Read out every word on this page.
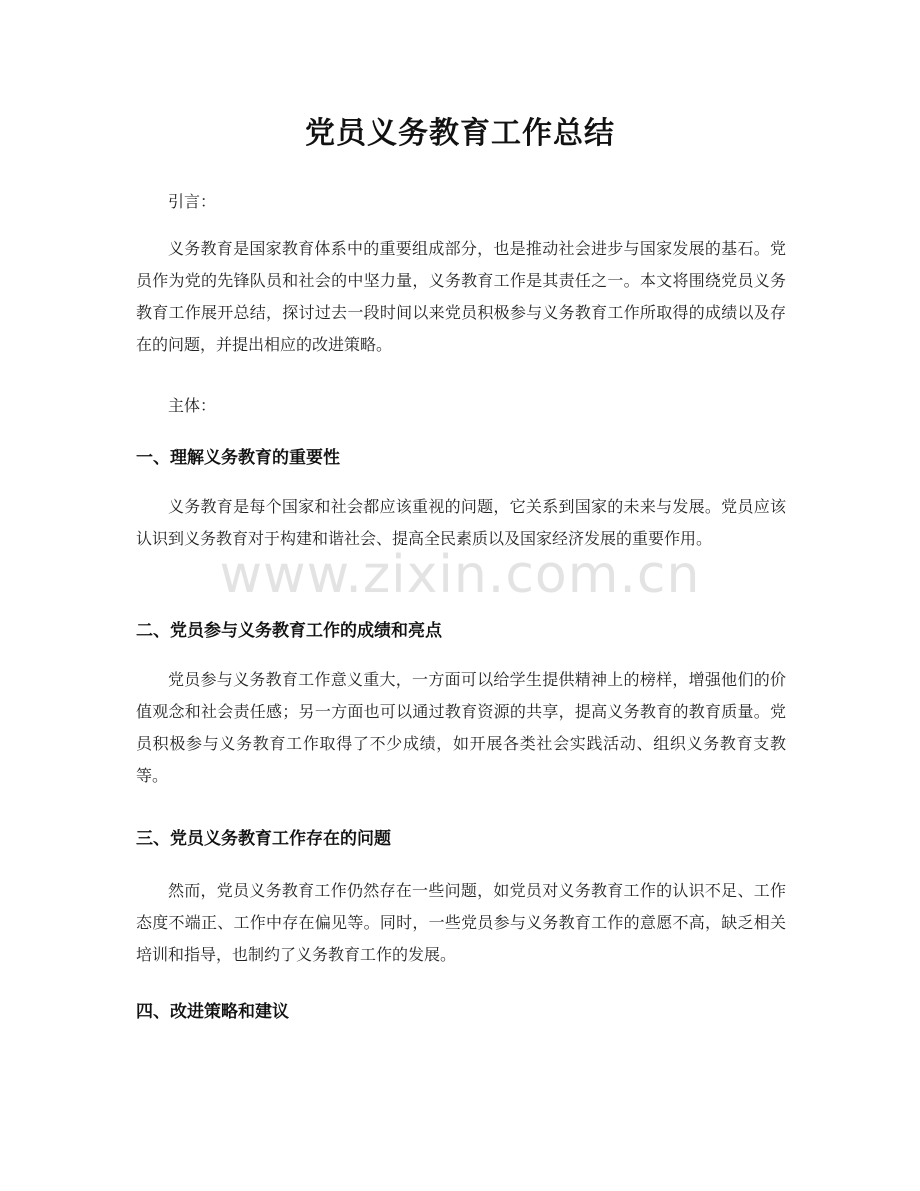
党员义务教育工作总结
引言：
义务教育是国家教育体系中的重要组成部分，也是推动社会进步与国家发展的基石。党员作为党的先锋队员和社会的中坚力量，义务教育工作是其责任之一。本文将围绕党员义务教育工作展开总结，探讨过去一段时间以来党员积极参与义务教育工作所取得的成绩以及存在的问题，并提出相应的改进策略。
主体：
一、理解义务教育的重要性
义务教育是每个国家和社会都应该重视的问题，它关系到国家的未来与发展。党员应该认识到义务教育对于构建和谐社会、提高全民素质以及国家经济发展的重要作用。
二、党员参与义务教育工作的成绩和亮点
党员参与义务教育工作意义重大，一方面可以给学生提供精神上的榜样，增强他们的价值观念和社会责任感；另一方面也可以通过教育资源的共享，提高义务教育的教育质量。党员积极参与义务教育工作取得了不少成绩，如开展各类社会实践活动、组织义务教育支教等。
三、党员义务教育工作存在的问题
然而，党员义务教育工作仍然存在一些问题，如党员对义务教育工作的认识不足、工作态度不端正、工作中存在偏见等。同时，一些党员参与义务教育工作的意愿不高，缺乏相关培训和指导，也制约了义务教育工作的发展。
四、改进策略和建议
www.zixin.com.cn
